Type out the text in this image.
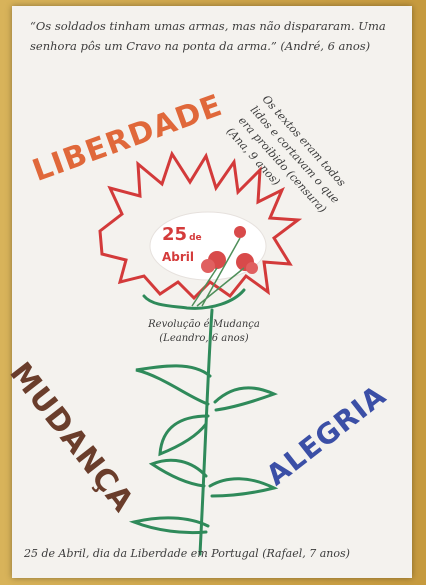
“Os soldados tinham umas armas, mas não dispararam. Uma senhora pôs um Cravo na ponta da arma.” (André, 6 anos)
Os textos eram todos lidos e cortavam o que era proibido (censura) (Ana, 9 anos)
Revolução é Mudança (Leandro, 6 anos)
LIBERDADE
MUDANÇA	ALEGRIA
25 de
Abril
25 de Abril, dia da Liberdade em Portugal (Rafael, 7 anos)
